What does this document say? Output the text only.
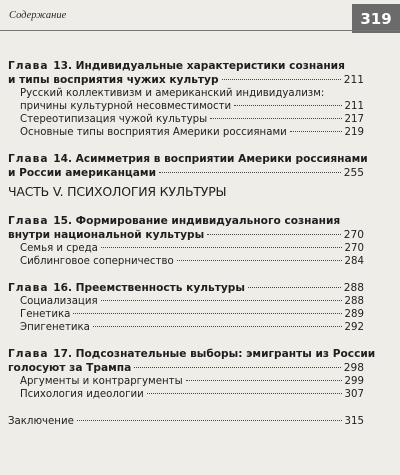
Содержание	319
ЧАСТЬ V. ПСИХОЛОГИЯ КУЛЬТУРЫ
Глава 13. Индивидуальные характеристики сознания
и типы восприятия чужих культур	211
Русский коллективизм и американский индивидуализм:
причины культурной несовместимости	211
Стереотипизация чужой культуры	217
Основные типы восприятия Америки россиянами	219
Глава 14. Асимметрия в восприятии Америки россиянами
и России американцами	255
Глава 15. Формирование индивидуального сознания
внутри национальной культуры	270
Семья и среда	270
Сиблинговое соперничество	284
Глава 16. Преемственность культуры	288
Социализация	288
Генетика	289
Эпигенетика	292
Глава 17. Подсознательные выборы: эмигранты из России
голосуют за Трампа	298
Аргументы и контраргументы	299
Психология идеологии	307
Заключение	315
